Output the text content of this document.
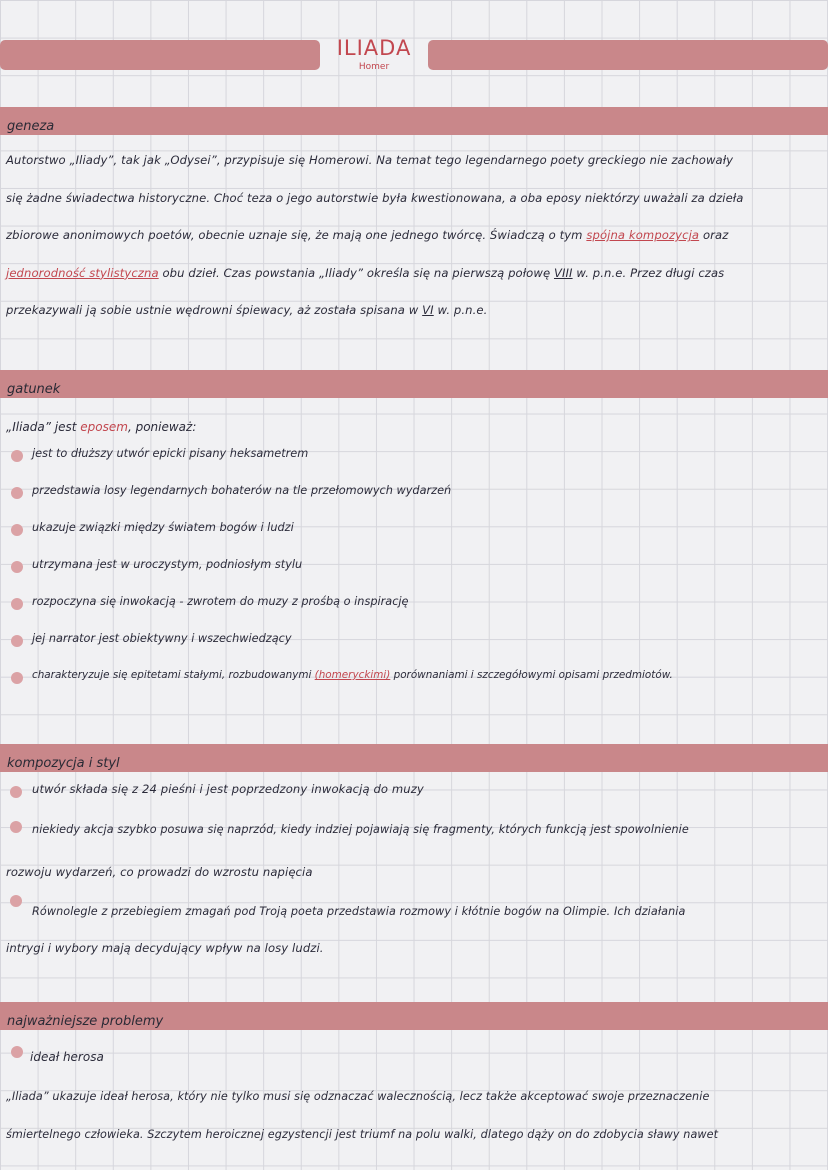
ILIADA
Homer
geneza

Autorstwo „Iliady”, tak jak „Odysei”, przypisuje się Homerowi. Na temat tego legendarnego poety greckiego nie zachowały

się żadne świadectwa historyczne. Choć teza o jego autorstwie była kwestionowana, a oba eposy niektórzy uważali za dzieła

zbiorowe anonimowych poetów, obecnie uznaje się, że mają one jednego twórcę. Świadczą o tym spójna kompozycja oraz

jednorodność stylistyczna obu dzieł. Czas powstania „Iliady” określa się na pierwszą połowę VIII w. p.n.e. Przez długi czas

przekazywali ją sobie ustnie wędrowni śpiewacy, aż została spisana w VI w. p.n.e.

gatunek
„Iliada” jest eposem, ponieważ:
jest to dłuższy utwór epicki pisany heksametrem
przedstawia losy legendarnych bohaterów na tle przełomowych wydarzeń
ukazuje związki między światem bogów i ludzi
utrzymana jest w uroczystym, podniosłym stylu
rozpoczyna się inwokacją - zwrotem do muzy z prośbą o inspirację
jej narrator jest obiektywny i wszechwiedzący
charakteryzuje się epitetami stałymi, rozbudowanymi (homeryckimi) porównaniami i szczegółowymi opisami przedmiotów.
kompozycja i styl
utwór składa się z 24 pieśni i jest poprzedzony inwokacją do muzy
niekiedy akcja szybko posuwa się naprzód, kiedy indziej pojawiają się fragmenty, których funkcją jest spowolnienie
rozwoju wydarzeń, co prowadzi do wzrostu napięcia
Równolegle z przebiegiem zmagań pod Troją poeta przedstawia rozmowy i kłótnie bogów na Olimpie. Ich działania
intrygi i wybory mają decydujący wpływ na losy ludzi.
najważniejsze problemy
ideał herosa

„Iliada” ukazuje ideał herosa, który nie tylko musi się odznaczać walecznością, lecz także akceptować swoje przeznaczenie

śmiertelnego człowieka. Szczytem heroicznej egzystencji jest triumf na polu walki, dlatego dąży on do zdobycia sławy nawet
